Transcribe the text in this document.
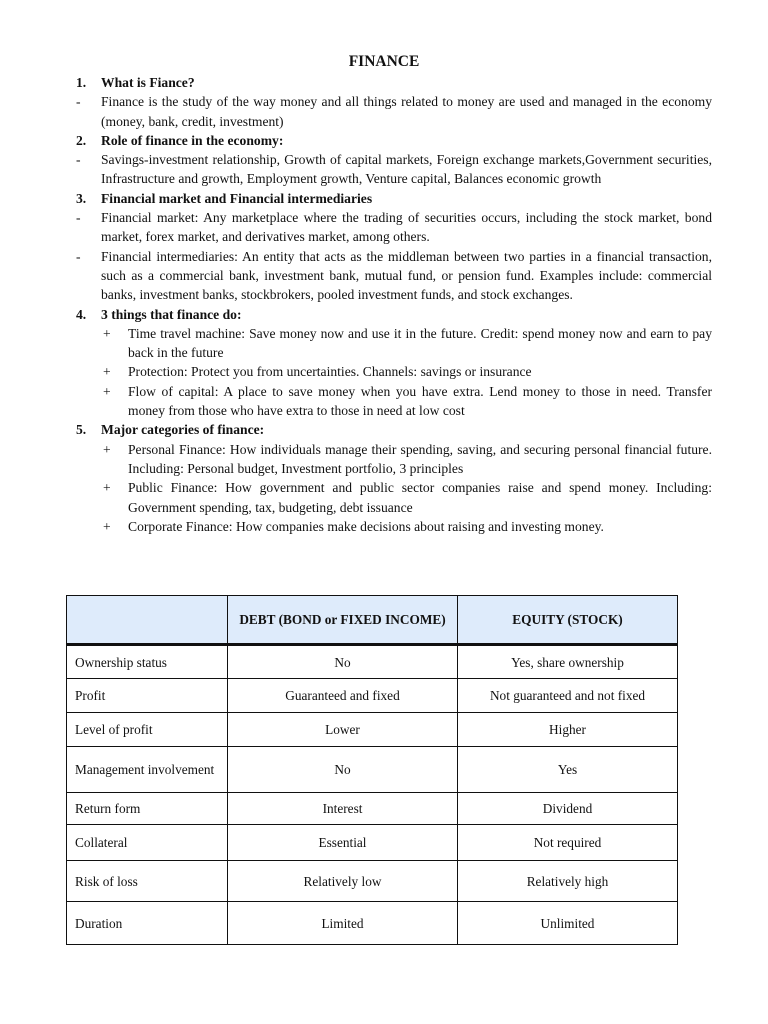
FINANCE
1. What is Fiance?
- Finance is the study of the way money and all things related to money are used and managed in the economy (money, bank, credit, investment)
2. Role of finance in the economy:
- Savings-investment relationship, Growth of capital markets, Foreign exchange markets,Government securities, Infrastructure and growth, Employment growth, Venture capital, Balances economic growth
3. Financial market and Financial intermediaries
- Financial market: Any marketplace where the trading of securities occurs, including the stock market, bond market, forex market, and derivatives market, among others.
- Financial intermediaries: An entity that acts as the middleman between two parties in a financial transaction, such as a commercial bank, investment bank, mutual fund, or pension fund. Examples include: commercial banks, investment banks, stockbrokers, pooled investment funds, and stock exchanges.
4. 3 things that finance do:
+ Time travel machine: Save money now and use it in the future. Credit: spend money now and earn to pay back in the future
+ Protection: Protect you from uncertainties. Channels: savings or insurance
+ Flow of capital: A place to save money when you have extra. Lend money to those in need. Transfer money from those who have extra to those in need at low cost
5. Major categories of finance:
+ Personal Finance: How individuals manage their spending, saving, and securing personal financial future. Including: Personal budget, Investment portfolio, 3 principles
+ Public Finance: How government and public sector companies raise and spend money. Including: Government spending, tax, budgeting, debt issuance
+ Corporate Finance: How companies make decisions about raising and investing money.
	DEBT (BOND or FIXED INCOME)	EQUITY (STOCK)
Ownership status	No	Yes, share ownership
Profit	Guaranteed and fixed	Not guaranteed and not fixed
Level of profit	Lower	Higher
Management involvement	No	Yes
Return form	Interest	Dividend
Collateral	Essential	Not required
Risk of loss	Relatively low	Relatively high
Duration	Limited	Unlimited
